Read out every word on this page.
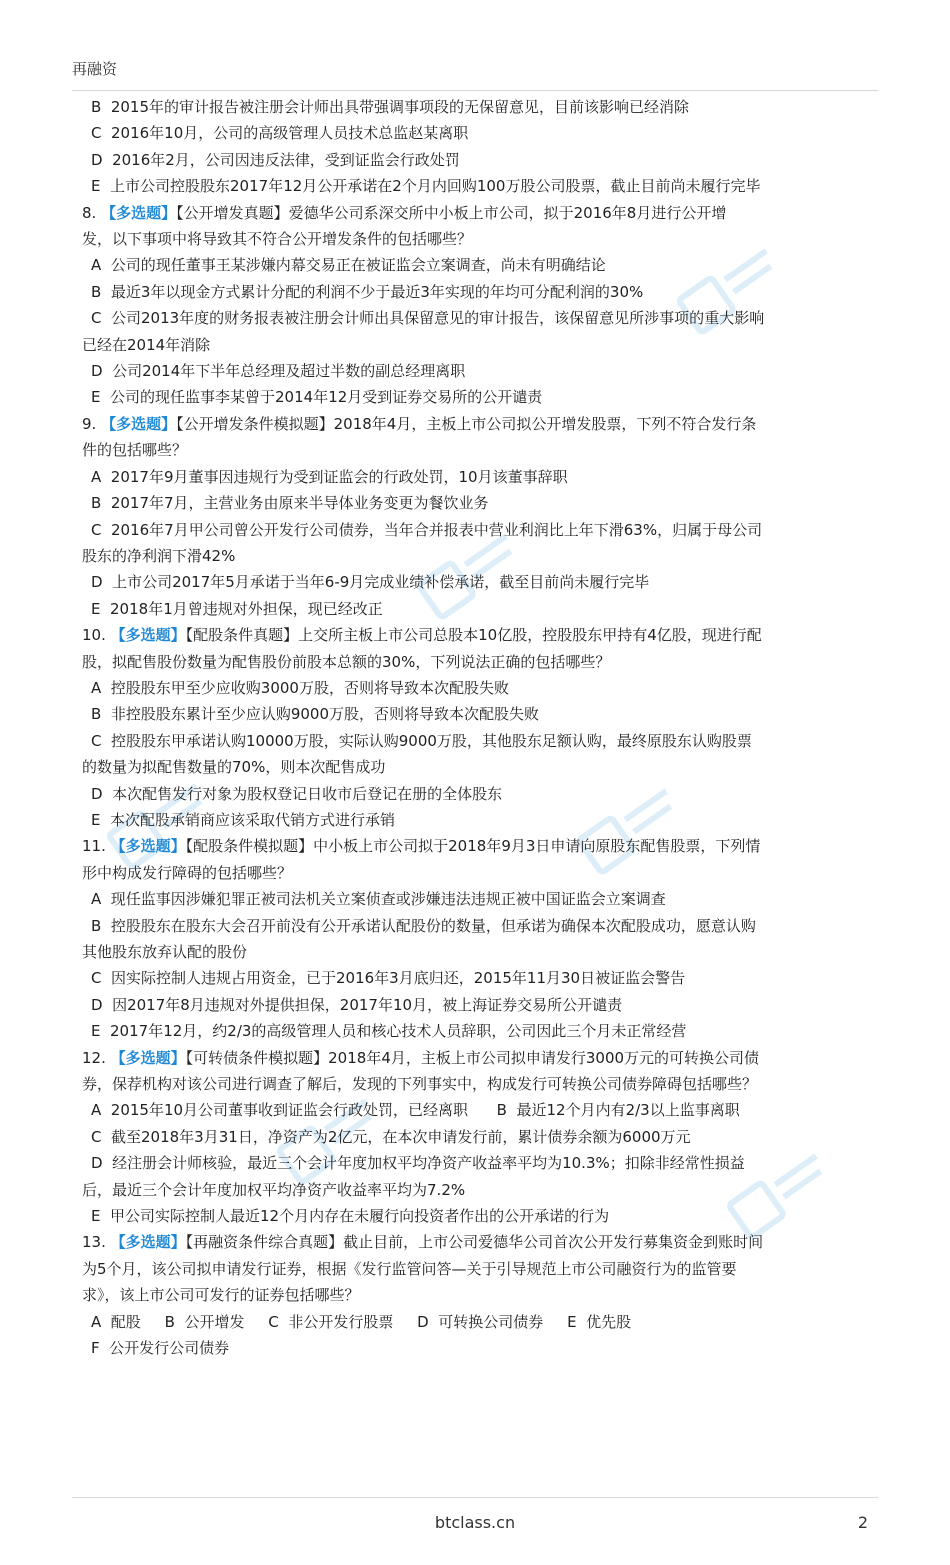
再融资
B  2015年的审计报告被注册会计师出具带强调事项段的无保留意见，目前该影响已经消除
C  2016年10月，公司的高级管理人员技术总监赵某离职
D  2016年2月，公司因违反法律，受到证监会行政处罚
E  上市公司控股股东2017年12月公开承诺在2个月内回购100万股公司股票，截止目前尚未履行完毕
8. 【多选题】【公开增发真题】爱德华公司系深交所中小板上市公司，拟于2016年8月进行公开增
发，以下事项中将导致其不符合公开增发条件的包括哪些？
A  公司的现任董事王某涉嫌内幕交易正在被证监会立案调查，尚未有明确结论
B  最近3年以现金方式累计分配的利润不少于最近3年实现的年均可分配利润的30%
C  公司2013年度的财务报表被注册会计师出具保留意见的审计报告，该保留意见所涉事项的重大影响
已经在2014年消除
D  公司2014年下半年总经理及超过半数的副总经理离职
E  公司的现任监事李某曾于2014年12月受到证券交易所的公开谴责
9. 【多选题】【公开增发条件模拟题】2018年4月，主板上市公司拟公开增发股票，下列不符合发行条
件的包括哪些？
A  2017年9月董事因违规行为受到证监会的行政处罚，10月该董事辞职
B  2017年7月，主营业务由原来半导体业务变更为餐饮业务
C  2016年7月甲公司曾公开发行公司债券，当年合并报表中营业利润比上年下滑63%，归属于母公司
股东的净利润下滑42%
D  上市公司2017年5月承诺于当年6-9月完成业绩补偿承诺，截至目前尚未履行完毕
E  2018年1月曾违规对外担保，现已经改正
10. 【多选题】【配股条件真题】上交所主板上市公司总股本10亿股，控股股东甲持有4亿股，现进行配
股，拟配售股份数量为配售股份前股本总额的30%，下列说法正确的包括哪些？
A  控股股东甲至少应收购3000万股，否则将导致本次配股失败
B  非控股股东累计至少应认购9000万股，否则将导致本次配股失败
C  控股股东甲承诺认购10000万股，实际认购9000万股，其他股东足额认购，最终原股东认购股票
的数量为拟配售数量的70%，则本次配售成功
D  本次配售发行对象为股权登记日收市后登记在册的全体股东
E  本次配股承销商应该采取代销方式进行承销
11. 【多选题】【配股条件模拟题】中小板上市公司拟于2018年9月3日申请向原股东配售股票，下列情
形中构成发行障碍的包括哪些？
A  现任监事因涉嫌犯罪正被司法机关立案侦查或涉嫌违法违规正被中国证监会立案调查
B  控股股东在股东大会召开前没有公开承诺认配股份的数量，但承诺为确保本次配股成功，愿意认购
其他股东放弃认配的股份
C  因实际控制人违规占用资金，已于2016年3月底归还，2015年11月30日被证监会警告
D  因2017年8月违规对外提供担保，2017年10月，被上海证券交易所公开谴责
E  2017年12月，约2/3的高级管理人员和核心技术人员辞职，公司因此三个月未正常经营
12. 【多选题】【可转债条件模拟题】2018年4月，主板上市公司拟申请发行3000万元的可转换公司债
券，保荐机构对该公司进行调查了解后，发现的下列事实中，构成发行可转换公司债券障碍包括哪些？
A  2015年10月公司董事收到证监会行政处罚，已经离职      B  最近12个月内有2/3以上监事离职
C  截至2018年3月31日，净资产为2亿元，在本次申请发行前，累计债券余额为6000万元
D  经注册会计师核验，最近三个会计年度加权平均净资产收益率平均为10.3%；扣除非经常性损益
后，最近三个会计年度加权平均净资产收益率平均为7.2%
E  甲公司实际控制人最近12个月内存在未履行向投资者作出的公开承诺的行为
13. 【多选题】【再融资条件综合真题】截止目前，上市公司爱德华公司首次公开发行募集资金到账时间
为5个月，该公司拟申请发行证券，根据《发行监管问答—关于引导规范上市公司融资行为的监管要
求》，该上市公司可发行的证券包括哪些？
A  配股     B  公开增发     C  非公开发行股票     D  可转换公司债券     E  优先股
F  公开发行公司债券
btclass.cn	2
